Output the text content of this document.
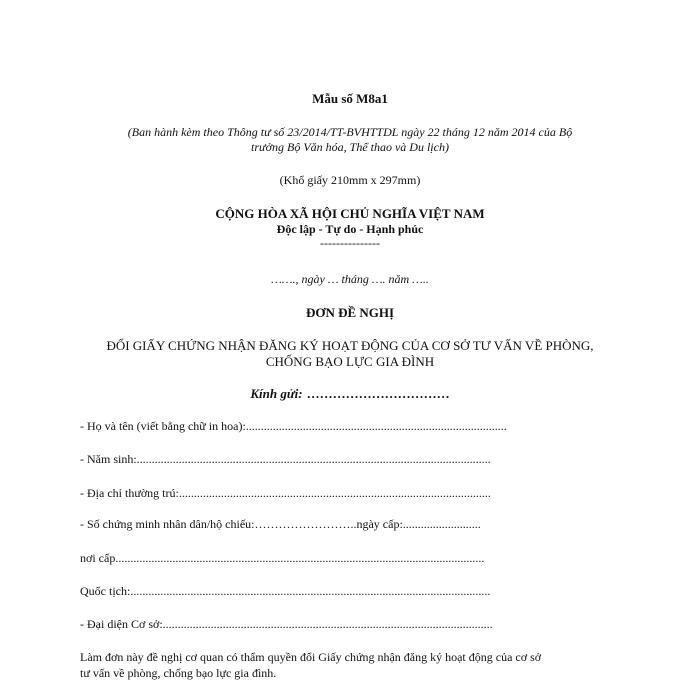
Mẫu số M8a1
(Ban hành kèm theo Thông tư số 23/2014/TT-BVHTTDL ngày 22 tháng 12 năm 2014 của Bộ
trưởng Bộ Văn hóa, Thể thao và Du lịch)
(Khổ giấy 210mm x 297mm)
CỘNG HÒA XÃ HỘI CHỦ NGHĨA VIỆT NAM
Độc lập - Tự do - Hạnh phúc
---------------
……., ngày … tháng …. năm …..
ĐƠN ĐỀ NGHỊ
ĐỔI GIẤY CHỨNG NHẬN ĐĂNG KÝ HOẠT ĐỘNG CỦA CƠ SỞ TƯ VẤN VỀ PHÒNG,
CHỐNG BẠO LỰC GIA ĐÌNH
Kính gửi: ……………………………
- Họ và tên (viết bằng chữ in hoa):.......................................................................................
- Năm sinh:......................................................................................................................
- Địa chỉ thường trú:........................................................................................................
- Số chứng minh nhân dân/hộ chiếu:……………………..ngày cấp:..........................
nơi cấp...........................................................................................................................
Quốc tịch:........................................................................................................................
- Đại diện Cơ sở:..............................................................................................................
Làm đơn này đề nghị cơ quan có thẩm quyền đổi Giấy chứng nhận đăng ký hoạt động của cơ sở
tư vấn về phòng, chống bạo lực gia đình.
